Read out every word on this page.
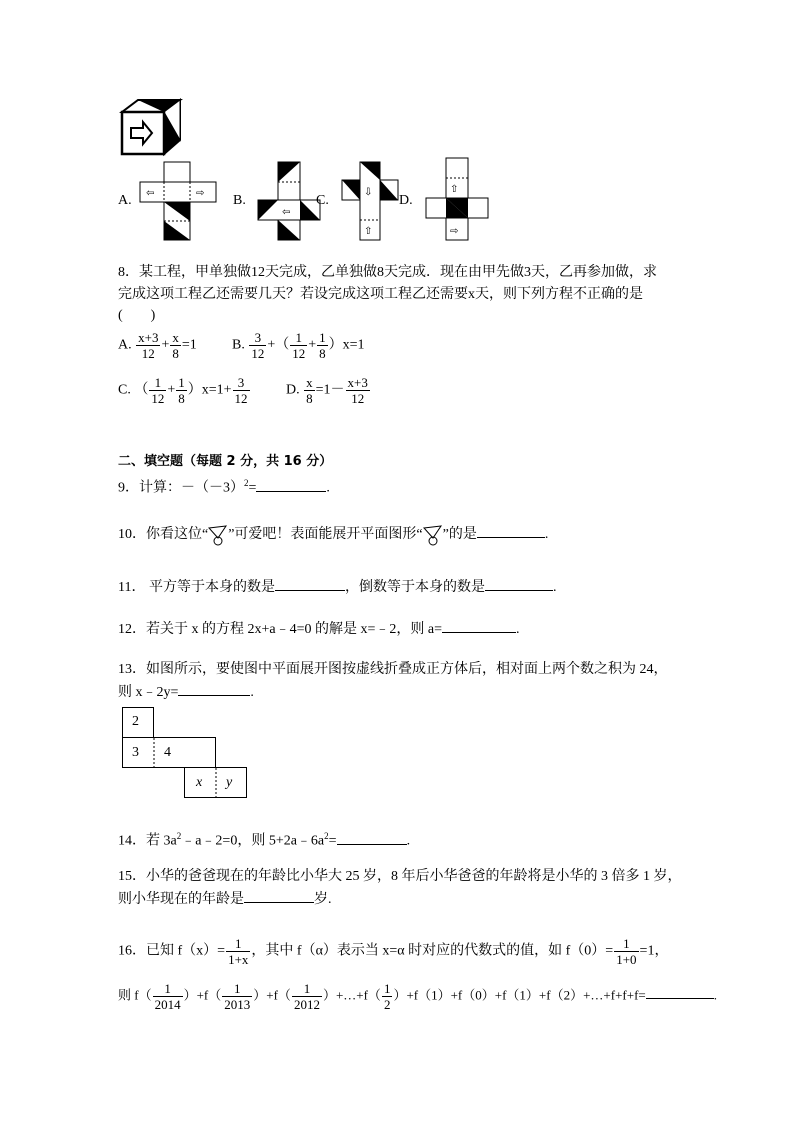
A. ⇦	⇨ B.
⇦
C.
⇩
⇧
D.
⇧
⇨
8．某工程，甲单独做12天完成，乙单独做8天完成．现在由甲先做3天，乙再参加做，求
完成这项工程乙还需要几天？若设完成这项工程乙还需要x天，则下列方程不正确的是
(　　)
A. $\frac{x+3}{12} + \frac{x}{8} =1$	B. $\frac{3}{12}$ +（ $\frac{1}{12} + \frac{1}{8} )x=1$
C. （ $\frac{1}{12} + \frac{1}{8} )x=1+ \frac{3}{12}$	D. $\frac{x}{8} =1- \frac{x+3}{12}$
二、填空题（每题 2 分，共 16 分）
9．计算：$-(-3)^2=$	.
10．你看这位“ ”可爱吧！表面能展开平面图形“ ”的是	.
11． 平方等于本身的数是	，倒数等于本身的数是	.
12．若关于 x 的方程 2x+a﹣4=0 的解是 x=﹣2，则 a=	.
13．如图所示，要使图中平面展开图按虚线折叠成正方体后，相对面上两个数之积为 24，
则 x﹣2y=	.
2
3 4
x y
14．若 $3a^2﹣a﹣2=0$，则 $5+2a﹣6a^2=$	.
15．小华的爸爸现在的年龄比小华大 25 岁，8 年后小华爸爸的年龄将是小华的 3 倍多 1 岁，
则小华现在的年龄是	岁.
16．已知 $f(x)= \frac{1}{1+x}$ ，其中 f（α）表示当 x=α 时对应的代数式的值，如 $f(0)= \frac{1}{1+0} =1$，
则 $f( \frac{1}{2014} )+f( \frac{1}{2013} )+f( \frac{1}{2012}$ ）+…+f（ $\frac{1}{2}$ ）+f（1）+f（0）+f（1）+f（2）+…+f+f+f=	.
